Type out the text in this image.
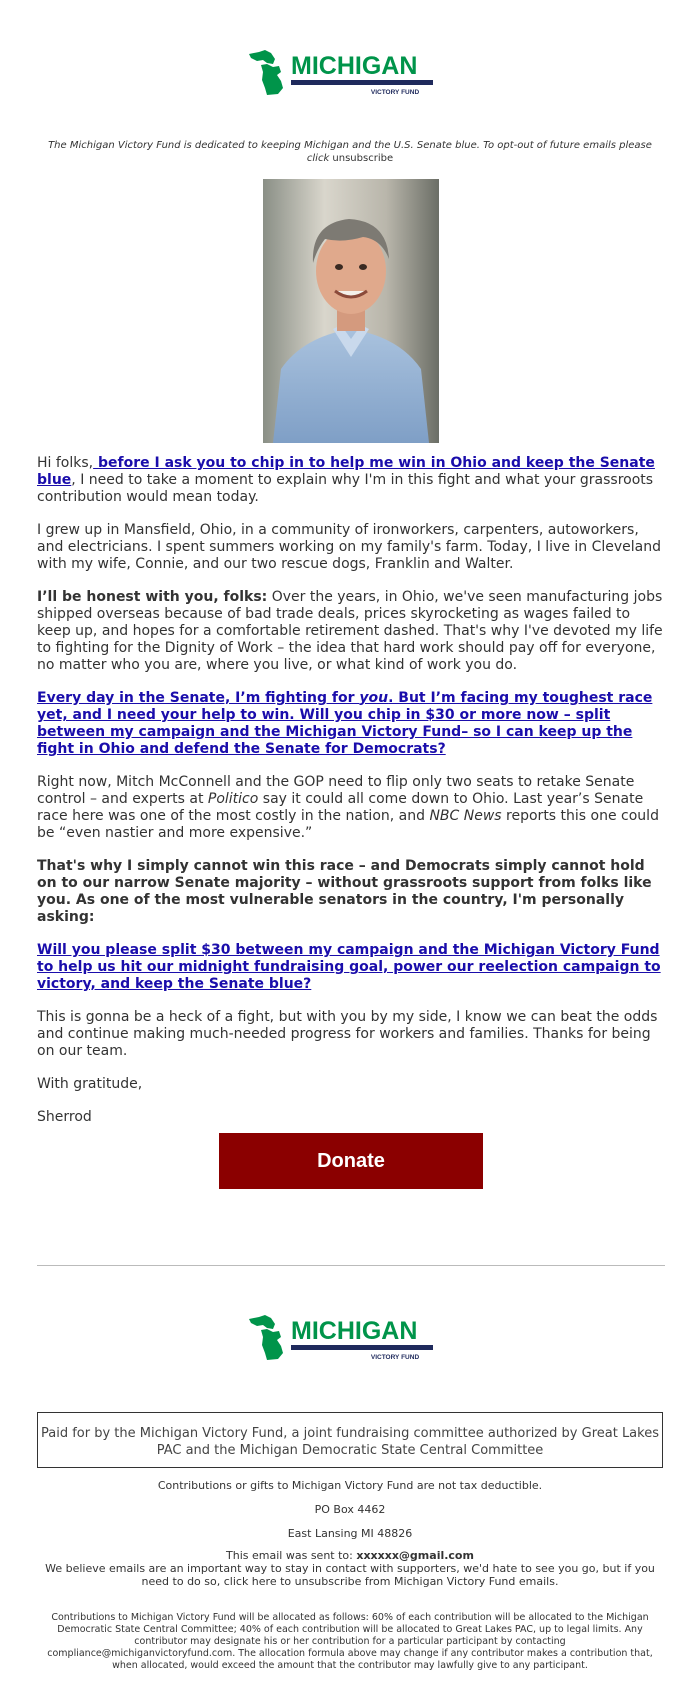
MICHIGAN
VICTORY FUND
The Michigan Victory Fund is dedicated to keeping Michigan and the U.S. Senate blue. To opt-out of future emails please click unsubscribe

Hi folks, before I ask you to chip in to help me win in Ohio and keep the Senate blue, I need to take a moment to explain why I'm in this fight and what your grassroots contribution would mean today.

I grew up in Mansfield, Ohio, in a community of ironworkers, carpenters, autoworkers, and electricians. I spent summers working on my family's farm. Today, I live in Cleveland with my wife, Connie, and our two rescue dogs, Franklin and Walter.

I’ll be honest with you, folks: Over the years, in Ohio, we've seen manufacturing jobs shipped overseas because of bad trade deals, prices skyrocketing as wages failed to keep up, and hopes for a comfortable retirement dashed. That's why I've devoted my life to fighting for the Dignity of Work – the idea that hard work should pay off for everyone, no matter who you are, where you live, or what kind of work you do.

Every day in the Senate, I’m fighting for you. But I’m facing my toughest race yet, and I need your help to win. Will you chip in $30 or more now – split between my campaign and the Michigan Victory Fund– so I can keep up the fight in Ohio and defend the Senate for Democrats?

Right now, Mitch McConnell and the GOP need to flip only two seats to retake Senate control – and experts at Politico say it could all come down to Ohio. Last year’s Senate race here was one of the most costly in the nation, and NBC News reports this one could be “even nastier and more expensive.”

That's why I simply cannot win this race – and Democrats simply cannot hold on to our narrow Senate majority – without grassroots support from folks like you. As one of the most vulnerable senators in the country, I'm personally asking:

Will you please split $30 between my campaign and the Michigan Victory Fund to help us hit our midnight fundraising goal, power our reelection campaign to victory, and keep the Senate blue?

This is gonna be a heck of a fight, but with you by my side, I know we can beat the odds and continue making much-needed progress for workers and families. Thanks for being on our team.

With gratitude,

Sherrod

Donate
MICHIGAN
VICTORY FUND
Paid for by the Michigan Victory Fund, a joint fundraising committee authorized by Great Lakes PAC and the Michigan Democratic State Central Committee
Contributions or gifts to Michigan Victory Fund are not tax deductible.
PO Box 4462
East Lansing MI 48826
This email was sent to: xxxxxx@gmail.com
We believe emails are an important way to stay in contact with supporters, we'd hate to see you go, but if you need to do so, click here to unsubscribe from Michigan Victory Fund emails.
Contributions to Michigan Victory Fund will be allocated as follows: 60% of each contribution will be allocated to the Michigan Democratic State Central Committee; 40% of each contribution will be allocated to Great Lakes PAC, up to legal limits. Any contributor may designate his or her contribution for a particular participant by contacting compliance@michiganvictoryfund.com. The allocation formula above may change if any contributor makes a contribution that, when allocated, would exceed the amount that the contributor may lawfully give to any participant.
